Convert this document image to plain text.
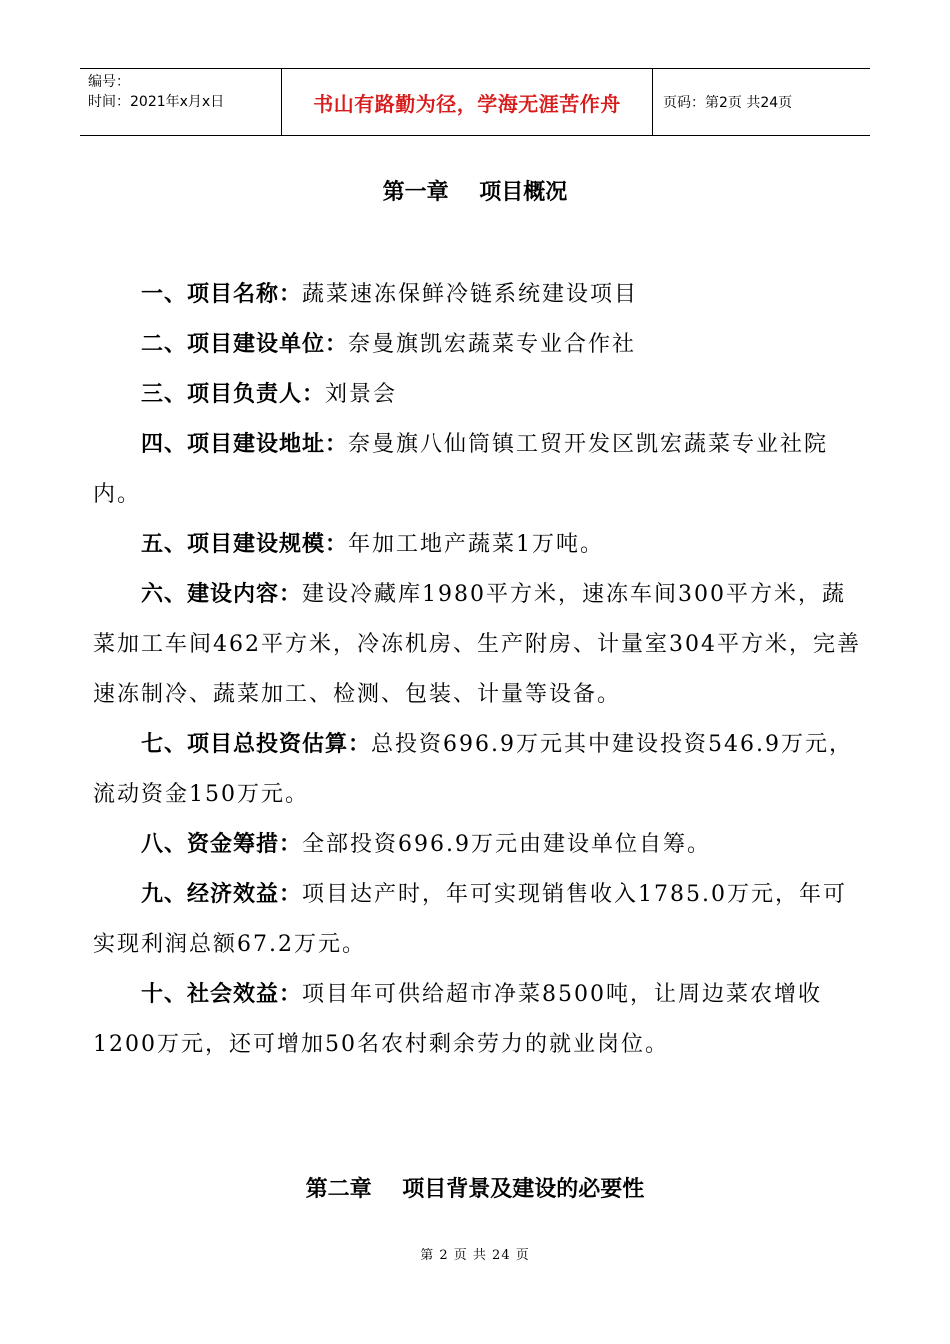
编号：
时间：2021年x月x日	书山有路勤为径，学海无涯苦作舟	页码：第2页 共24页
第一章    项目概况

一、项目名称：蔬菜速冻保鲜冷链系统建设项目

二、项目建设单位：奈曼旗凯宏蔬菜专业合作社

三、项目负责人：刘景会

四、项目建设地址：奈曼旗八仙筒镇工贸开发区凯宏蔬菜专业社院内。

五、项目建设规模：年加工地产蔬菜1万吨。

六、建设内容：建设冷藏库1980平方米，速冻车间300平方米，蔬菜加工车间462平方米，冷冻机房、生产附房、计量室304平方米，完善速冻制冷、蔬菜加工、检测、包装、计量等设备。

七、项目总投资估算：总投资696.9万元其中建设投资546.9万元，流动资金150万元。

八、资金筹措：全部投资696.9万元由建设单位自筹。

九、经济效益：项目达产时，年可实现销售收入1785.0万元，年可实现利润总额67.2万元。

十、社会效益：项目年可供给超市净菜8500吨，让周边菜农增收1200万元，还可增加50名农村剩余劳力的就业岗位。

第二章    项目背景及建设的必要性
第 2 页 共 24 页
